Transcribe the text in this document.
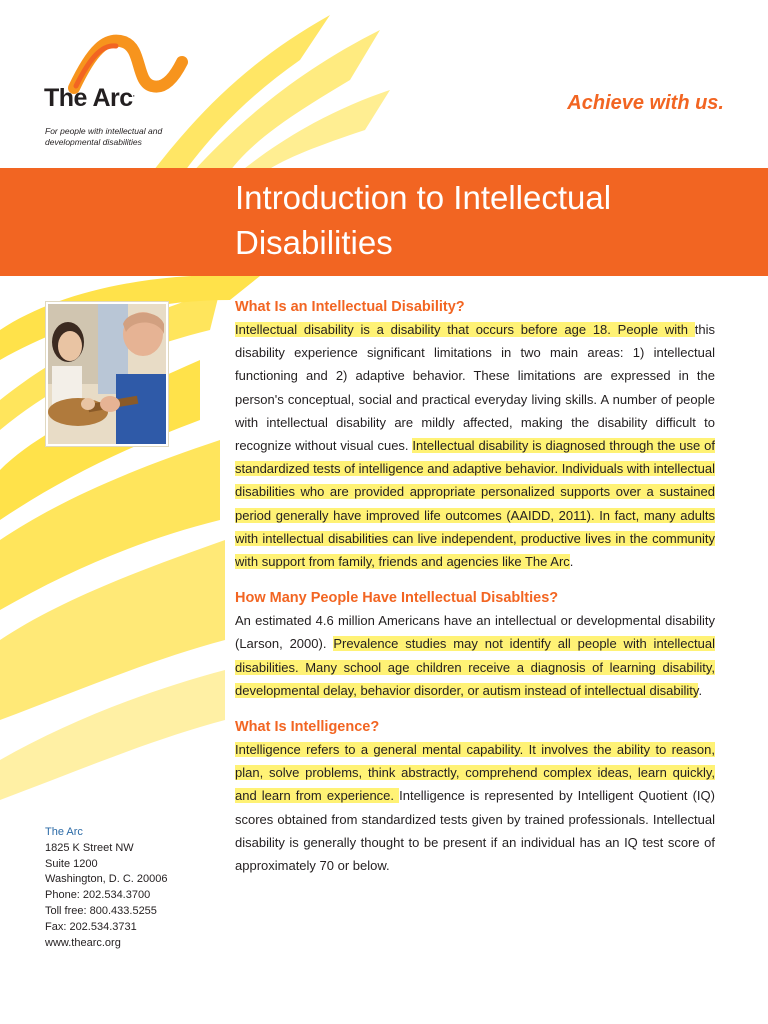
The Arc.
For people with intellectual and developmental disabilities
Achieve with us.
Introduction to Intellectual Disabilities
What Is an Intellectual Disability?

Intellectual disability is a disability that occurs before age 18. People with this disability experience significant limitations in two main areas: 1) intellectual functioning and 2) adaptive behavior. These limitations are expressed in the person's conceptual, social and practical everyday living skills. A number of people with intellectual disability are mildly affected, making the disability difficult to recognize without visual cues. Intellectual disability is diagnosed through the use of standardized tests of intelligence and adaptive behavior. Individuals with intellectual disabilities who are provided appropriate personalized supports over a sustained period generally have improved life outcomes (AAIDD, 2011). In fact, many adults with intellectual disabilities can live independent, productive lives in the community with support from family, friends and agencies like The Arc.

How Many People Have Intellectual Disablties?

An estimated 4.6 million Americans have an intellectual or developmental disability (Larson, 2000). Prevalence studies may not identify all people with intellectual disabilities. Many school age children receive a diagnosis of learning disability, developmental delay, behavior disorder, or autism instead of intellectual disability.

What Is Intelligence?

Intelligence refers to a general mental capability. It involves the ability to reason, plan, solve problems, think abstractly, comprehend complex ideas, learn quickly, and learn from experience. Intelligence is represented by Intelligent Quotient (IQ) scores obtained from standardized tests given by trained professionals. Intellectual disability is generally thought to be present if an individual has an IQ test score of approximately 70 or below.

The Arc
1825 K Street NW
Suite 1200
Washington, D. C. 20006
Phone: 202.534.3700
Toll free: 800.433.5255
Fax: 202.534.3731
www.thearc.org
